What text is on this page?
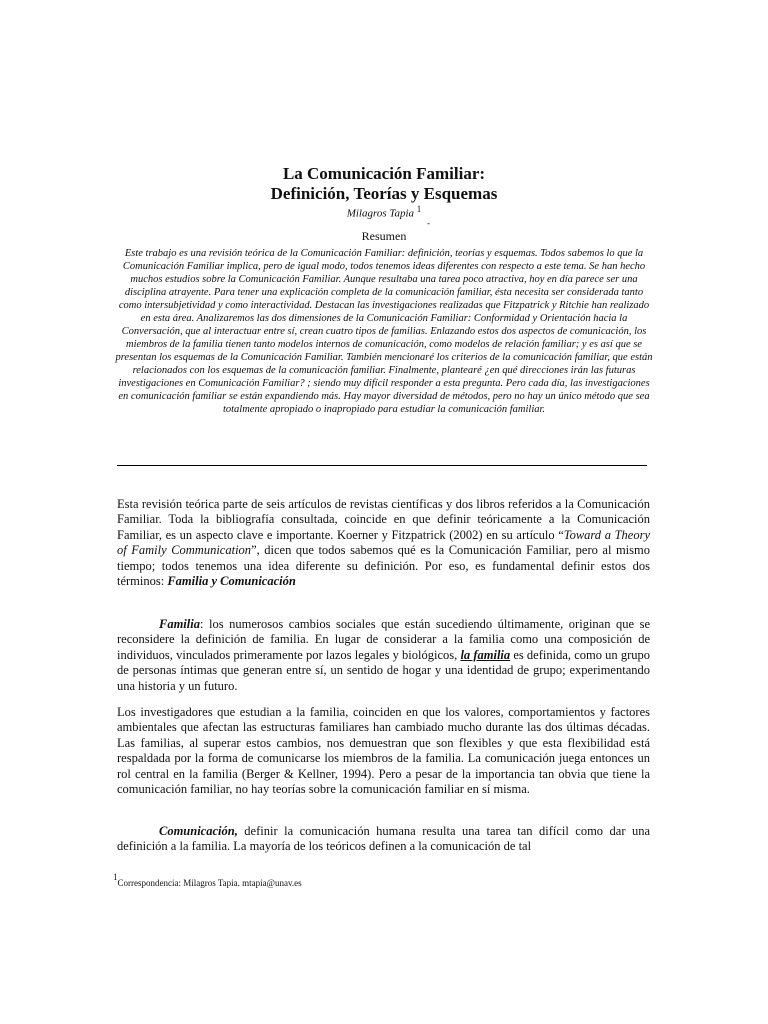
La Comunicación Familiar:
Definición, Teorías y Esquemas
Milagros Tapia $^1$
-
Resumen

Este trabajo es una revisión teórica de la Comunicación Familiar: definición, teorías y esquemas. Todos sabemos lo que la Comunicación Familiar implica, pero de igual modo, todos tenemos ideas diferentes con respecto a este tema. Se han hecho muchos estudios sobre la Comunicación Familiar. Aunque resultaba una tarea poco atractiva, hoy en día parece ser una disciplina atrayente. Para tener una explicación completa de la comunicación familiar, ésta necesita ser considerada tanto como intersubjetividad y como interactividad. Destacan las investigaciones realizadas que Fitzpatrick y Ritchie han realizado en esta área. Analizaremos las dos dimensiones de la Comunicación Familiar: Conformidad y Orientación hacia la Conversación, que al interactuar entre sí, crean cuatro tipos de familias. Enlazando estos dos aspectos de comunicación, los miembros de la familia tienen tanto modelos internos de comunicación, como modelos de relación familiar; y es así que se presentan los esquemas de la Comunicación Familiar. También mencionaré los criterios de la comunicación familiar, que están relacionados con los esquemas de la comunicación familiar. Finalmente, plantearé ¿en qué direcciones irán las futuras investigaciones en Comunicación Familiar? ; siendo muy difícil responder a esta pregunta. Pero cada día, las investigaciones en comunicación familiar se están expandiendo más. Hay mayor diversidad de métodos, pero no hay un único método que sea totalmente apropiado o inapropiado para estudiar la comunicación familiar.

Esta revisión teórica parte de seis artículos de revistas científicas y dos libros referidos a la Comunicación Familiar. Toda la bibliografía consultada, coincide en que definir teóricamente a la Comunicación Familiar, es un aspecto clave e importante. Koerner y Fitzpatrick (2002) en su artículo “Toward a Theory of Family Communication”, dicen que todos sabemos qué es la Comunicación Familiar, pero al mismo tiempo; todos tenemos una idea diferente su definición. Por eso, es fundamental definir estos dos términos: Familia y Comunicación

Familia: los numerosos cambios sociales que están sucediendo últimamente, originan que se reconsidere la definición de familia. En lugar de considerar a la familia como una composición de individuos, vinculados primeramente por lazos legales y biológicos, la familia es definida, como un grupo de personas íntimas que generan entre sí, un sentido de hogar y una identidad de grupo; experimentando una historia y un futuro.

Los investigadores que estudian a la familia, coinciden en que los valores, comportamientos y factores ambientales que afectan las estructuras familiares han cambiado mucho durante las dos últimas décadas. Las familias, al superar estos cambios, nos demuestran que son flexibles y que esta flexibilidad está respaldada por la forma de comunicarse los miembros de la familia. La comunicación juega entonces un rol central en la familia (Berger & Kellner, 1994). Pero a pesar de la importancia tan obvia que tiene la comunicación familiar, no hay teorías sobre la comunicación familiar en sí misma.

Comunicación, definir la comunicación humana resulta una tarea tan difícil como dar una definición a la familia. La mayoría de los teóricos definen a la comunicación de tal

$^1$Correspondencia: Milagros Tapia. mtapia@unav.es
